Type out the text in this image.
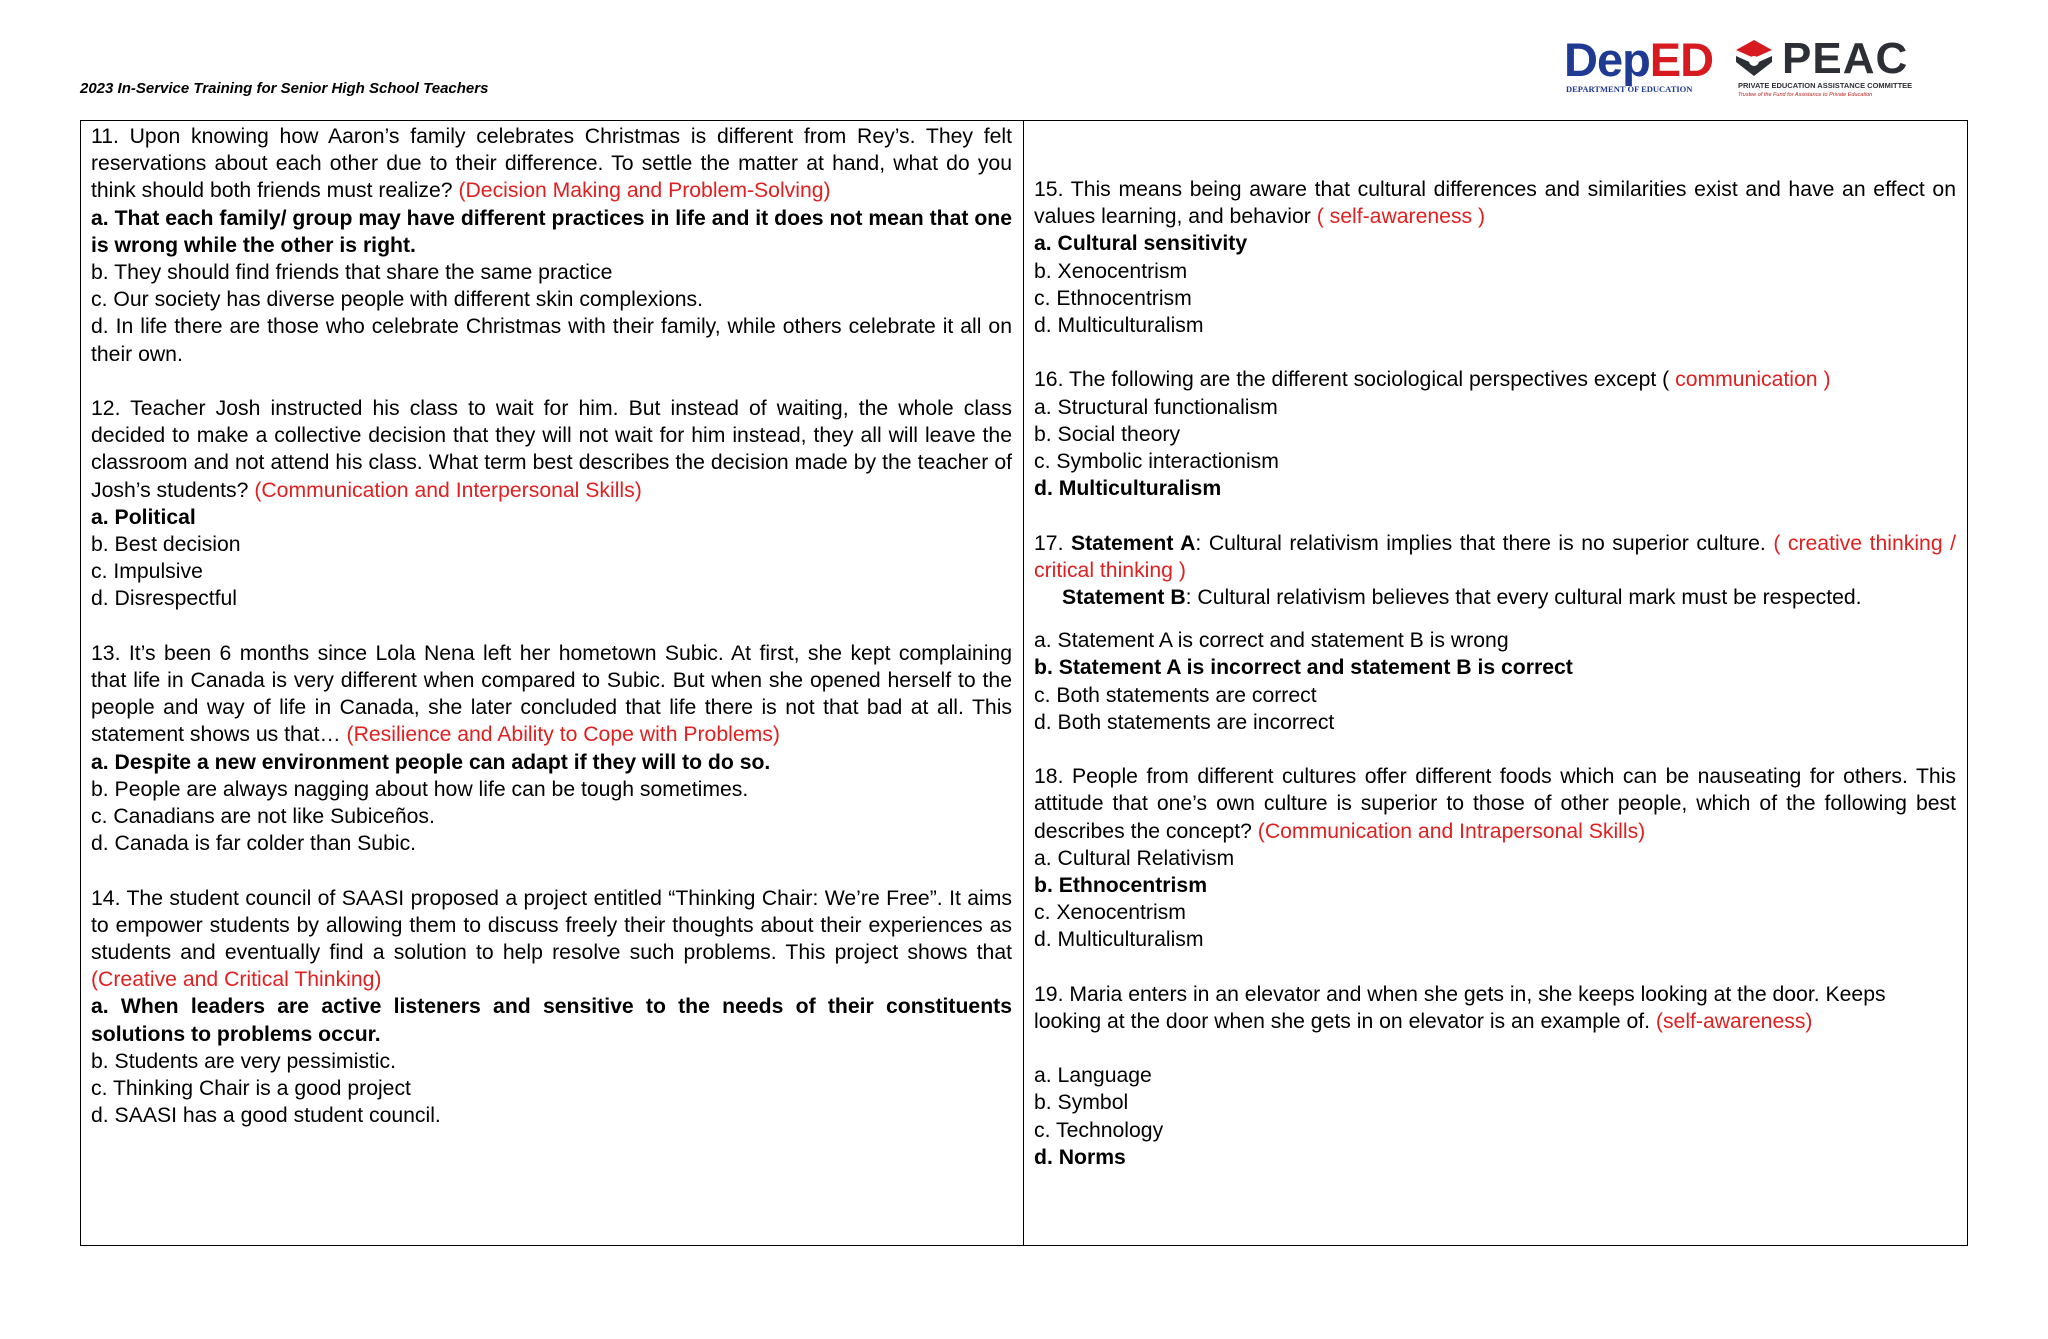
2023 In-Service Training for Senior High School Teachers
DepED
DEPARTMENT OF EDUCATION
PEAC
PRIVATE EDUCATION ASSISTANCE COMMITTEE
Trustee of the Fund for Assistance to Private Education
11. Upon knowing how Aaron’s family celebrates Christmas is different from Rey’s. They felt reservations about each other due to their difference. To settle the matter at hand, what do you think should both friends must realize? (Decision Making and Problem-Solving)
a. That each family/ group may have different practices in life and it does not mean that one is wrong while the other is right.
b. They should find friends that share the same practice
c. Our society has diverse people with different skin complexions.
d. In life there are those who celebrate Christmas with their family, while others celebrate it all on their own.
12. Teacher Josh instructed his class to wait for him. But instead of waiting, the whole class decided to make a collective decision that they will not wait for him instead, they all will leave the classroom and not attend his class. What term best describes the decision made by the teacher of Josh’s students? (Communication and Interpersonal Skills)
a. Political
b. Best decision
c. Impulsive
d. Disrespectful
13. It’s been 6 months since Lola Nena left her hometown Subic. At first, she kept complaining that life in Canada is very different when compared to Subic. But when she opened herself to the people and way of life in Canada, she later concluded that life there is not that bad at all. This statement shows us that… (Resilience and Ability to Cope with Problems)
a. Despite a new environment people can adapt if they will to do so.
b. People are always nagging about how life can be tough sometimes.
c. Canadians are not like Subiceños.
d. Canada is far colder than Subic.
14. The student council of SAASI proposed a project entitled “Thinking Chair: We’re Free”. It aims to empower students by allowing them to discuss freely their thoughts about their experiences as students and eventually find a solution to help resolve such problems. This project shows that (Creative and Critical Thinking)
a. When leaders are active listeners and sensitive to the needs of their constituents solutions to problems occur.
b. Students are very pessimistic.
c. Thinking Chair is a good project
d. SAASI has a good student council.
15. This means being aware that cultural differences and similarities exist and have an effect on values learning, and behavior ( self-awareness )
a. Cultural sensitivity
b. Xenocentrism
c. Ethnocentrism
d. Multiculturalism
16. The following are the different sociological perspectives except ( communication )
a. Structural functionalism
b. Social theory
c. Symbolic interactionism
d. Multiculturalism
17. Statement A: Cultural relativism implies that there is no superior culture. ( creative thinking / critical thinking )
Statement B: Cultural relativism believes that every cultural mark must be respected.
a. Statement A is correct and statement B is wrong
b. Statement A is incorrect and statement B is correct
c. Both statements are correct
d. Both statements are incorrect
18. People from different cultures offer different foods which can be nauseating for others. This attitude that one’s own culture is superior to those of other people, which of the following best describes the concept? (Communication and Intrapersonal Skills)
a. Cultural Relativism
b. Ethnocentrism
c. Xenocentrism
d. Multiculturalism
19. Maria enters in an elevator and when she gets in, she keeps looking at the door. Keeps looking at the door when she gets in on elevator is an example of. (self-awareness)
a. Language
b. Symbol
c. Technology
d. Norms
